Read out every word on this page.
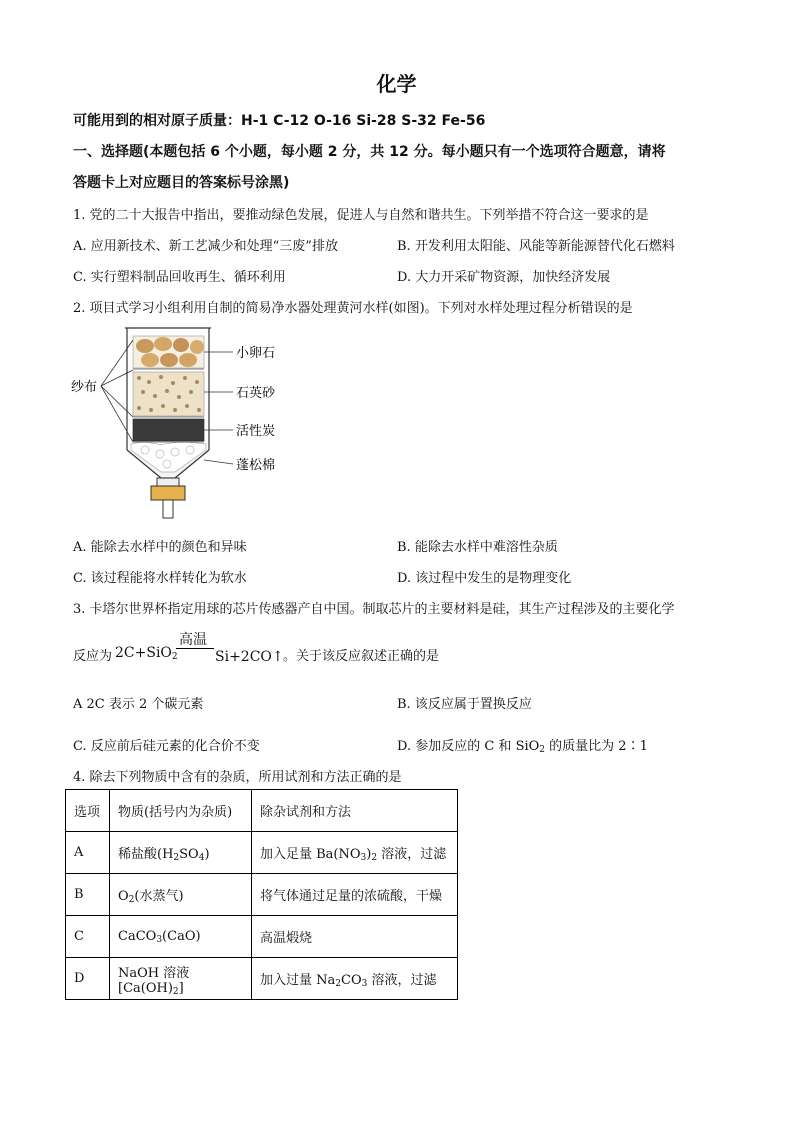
化学
可能用到的相对原子质量：H-1 C-12 O-16 Si-28 S-32 Fe-56
一、选择题(本题包括 6 个小题，每小题 2 分，共 12 分。每小题只有一个选项符合题意，请将
答题卡上对应题目的答案标号涂黑)
1. 党的二十大报告中指出，要推动绿色发展，促进人与自然和谐共生。下列举措不符合这一要求的是
A. 应用新技术、新工艺减少和处理“三废”排放	B. 开发利用太阳能、风能等新能源替代化石燃料
C. 实行塑料制品回收再生、循环利用	D. 大力开采矿物资源，加快经济发展
2. 项目式学习小组利用自制的简易净水器处理黄河水样(如图)。下列对水样处理过程分析错误的是
纱布
小卵石
石英砂
活性炭
蓬松棉
A. 能除去水样中的颜色和异味	B. 能除去水样中难溶性杂质
C. 该过程能将水样转化为软水	D. 该过程中发生的是物理变化
3. 卡塔尔世界杯指定用球的芯片传感器产自中国。制取芯片的主要材料是硅，其生产过程涉及的主要化学
反应为 2C+SiO$_2$
高温
Si+2CO↑ 。关于该反应叙述正确的是
A 2C 表示 2 个碳元素	B. 该反应属于置换反应
C. 反应前后硅元素的化合价不变	D. 参加反应的 C 和 SiO$_2$ 的质量比为 2∶1
4. 除去下列物质中含有的杂质，所用试剂和方法正确的是
选项	物质(括号内为杂质)	除杂试剂和方法
A	稀盐酸$(H_2SO_4)$	加入足量 $Ba(NO_3)_2$ 溶液，过滤
B	$O_2$(水蒸气)	将气体通过足量的浓硫酸，干燥
C	CaCO$_3$(CaO)	高温煅烧
D	NaOH 溶液$[Ca(OH)_2]$	加入过量 $Na_2CO_3$ 溶液，过滤
